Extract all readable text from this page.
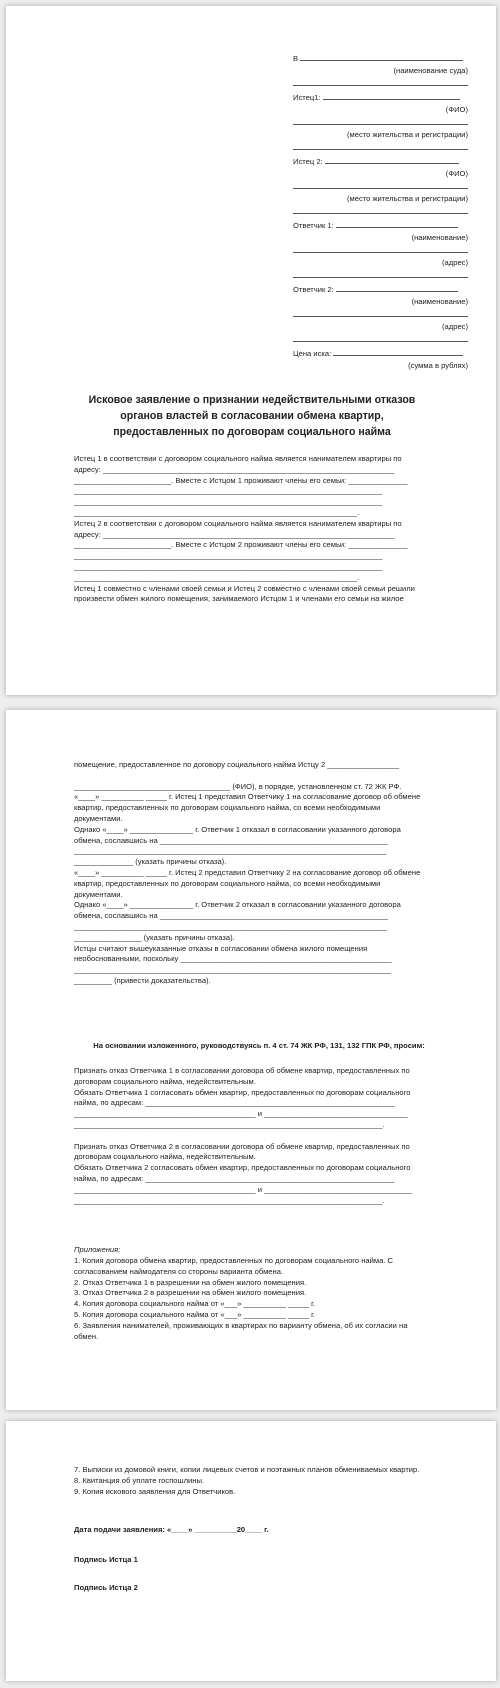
В
(наименование суда)
Истец1:
(ФИО)
(место жительства и регистрации)
Истец 2:
(ФИО)
(место жительства и регистрации)
Ответчик 1:
(наименование)
(адрес)
Ответчик 2:
(наименование)
(адрес)
Цена иска:
(сумма в рублях)
Исковое заявление о признании недействительными отказов органов властей в согласовании обмена квартир, предоставленных по договорам социального найма
Истец 1 в соответствии с договором социального найма является нанимателем квартиры по
адресу: _____________________________________________________________________
_______________________. Вместе с Истцом 1 проживают члены его семьи: ______________
_________________________________________________________________________
_________________________________________________________________________
___________________________________________________________________.
Истец 2 в соответствии с договором социального найма является нанимателем квартиры по
адресу: _____________________________________________________________________
_______________________. Вместе с Истцом 2 проживают члены его семьи: ______________
_________________________________________________________________________
_________________________________________________________________________
___________________________________________________________________.
Истец 1 совместно с членами своей семьи и Истец 2 совместно с членами своей семьи решили
произвести обмен жилого помещения, занимаемого Истцом 1 и членами его семьи на жилое
помещение, предоставленное по договору социального найма Истцу 2 _________________

_____________________________________ (ФИО), в порядке, установленном ст. 72 ЖК РФ.
«____» __________ _____ г. Истец 1 представил Ответчику 1 на согласование договор об обмене
квартир, предоставленных по договорам социального найма, со всеми необходимыми
документами.
Однако «____» _______________ г. Ответчик 1 отказал в согласовании указанного договора
обмена, сославшись на ______________________________________________________
__________________________________________________________________________
______________ (указать причины отказа).
«____» __________ _____ г. Истец 2 представил Ответчику 2 на согласование договор об обмене
квартир, предоставленных по договорам социального найма, со всеми необходимыми
документами.
Однако «____» _______________ г. Ответчик 2 отказал в согласовании указанного договора
обмена, сославшись на ______________________________________________________
__________________________________________________________________________
________________ (указать причины отказа).
Истцы считают вышеуказанные отказы в согласовании обмена жилого помещения
необоснованными, поскольку __________________________________________________
___________________________________________________________________________
_________ (привести доказательства).
На основании изложенного, руководствуясь п. 4 ст. 74 ЖК РФ, 131, 132 ГПК РФ, просим:
Признать отказ Ответчика 1 в согласовании договора об обмене квартир, предоставленных по
договорам социального найма, недействительным.
Обязать Ответчика 1 согласовать обмен квартир, предоставленных по договорам социального
найма, по адресам: ___________________________________________________________
___________________________________________ и __________________________________
_________________________________________________________________________.

Признать отказ Ответчика 2 в согласовании договора об обмене квартир, предоставленных по
договорам социального найма, недействительным.
Обязать Ответчика 2 согласовать обмен квартир, предоставленных по договорам социального
найма, по адресам: ___________________________________________________________
___________________________________________ и ___________________________________
_________________________________________________________________________.
Приложения:
1. Копия договора обмена квартир, предоставленных по договорам социального найма. С
согласованием наймодателя со стороны варианта обмена.
2. Отказ Ответчика 1 в разрешении на обмен жилого помещения.
3. Отказ Ответчика 2 в разрешении на обмен жилого помещения.
4. Копия договора социального найма от «___» __________ _____ г.
5. Копия договора социального найма от «___» __________ _____ г.
6. Заявления нанимателей, проживающих в квартирах по варианту обмена, об их согласии на
обмен.
7. Выписки из домовой книги, копии лицевых счетов и поэтажных планов обмениваемых квартир.
8. Квитанция об уплате госпошлины.
9. Копия искового заявления для Ответчиков.
Дата подачи заявления: «____» __________20____ г.
Подпись Истца 1
Подпись Истца 2
